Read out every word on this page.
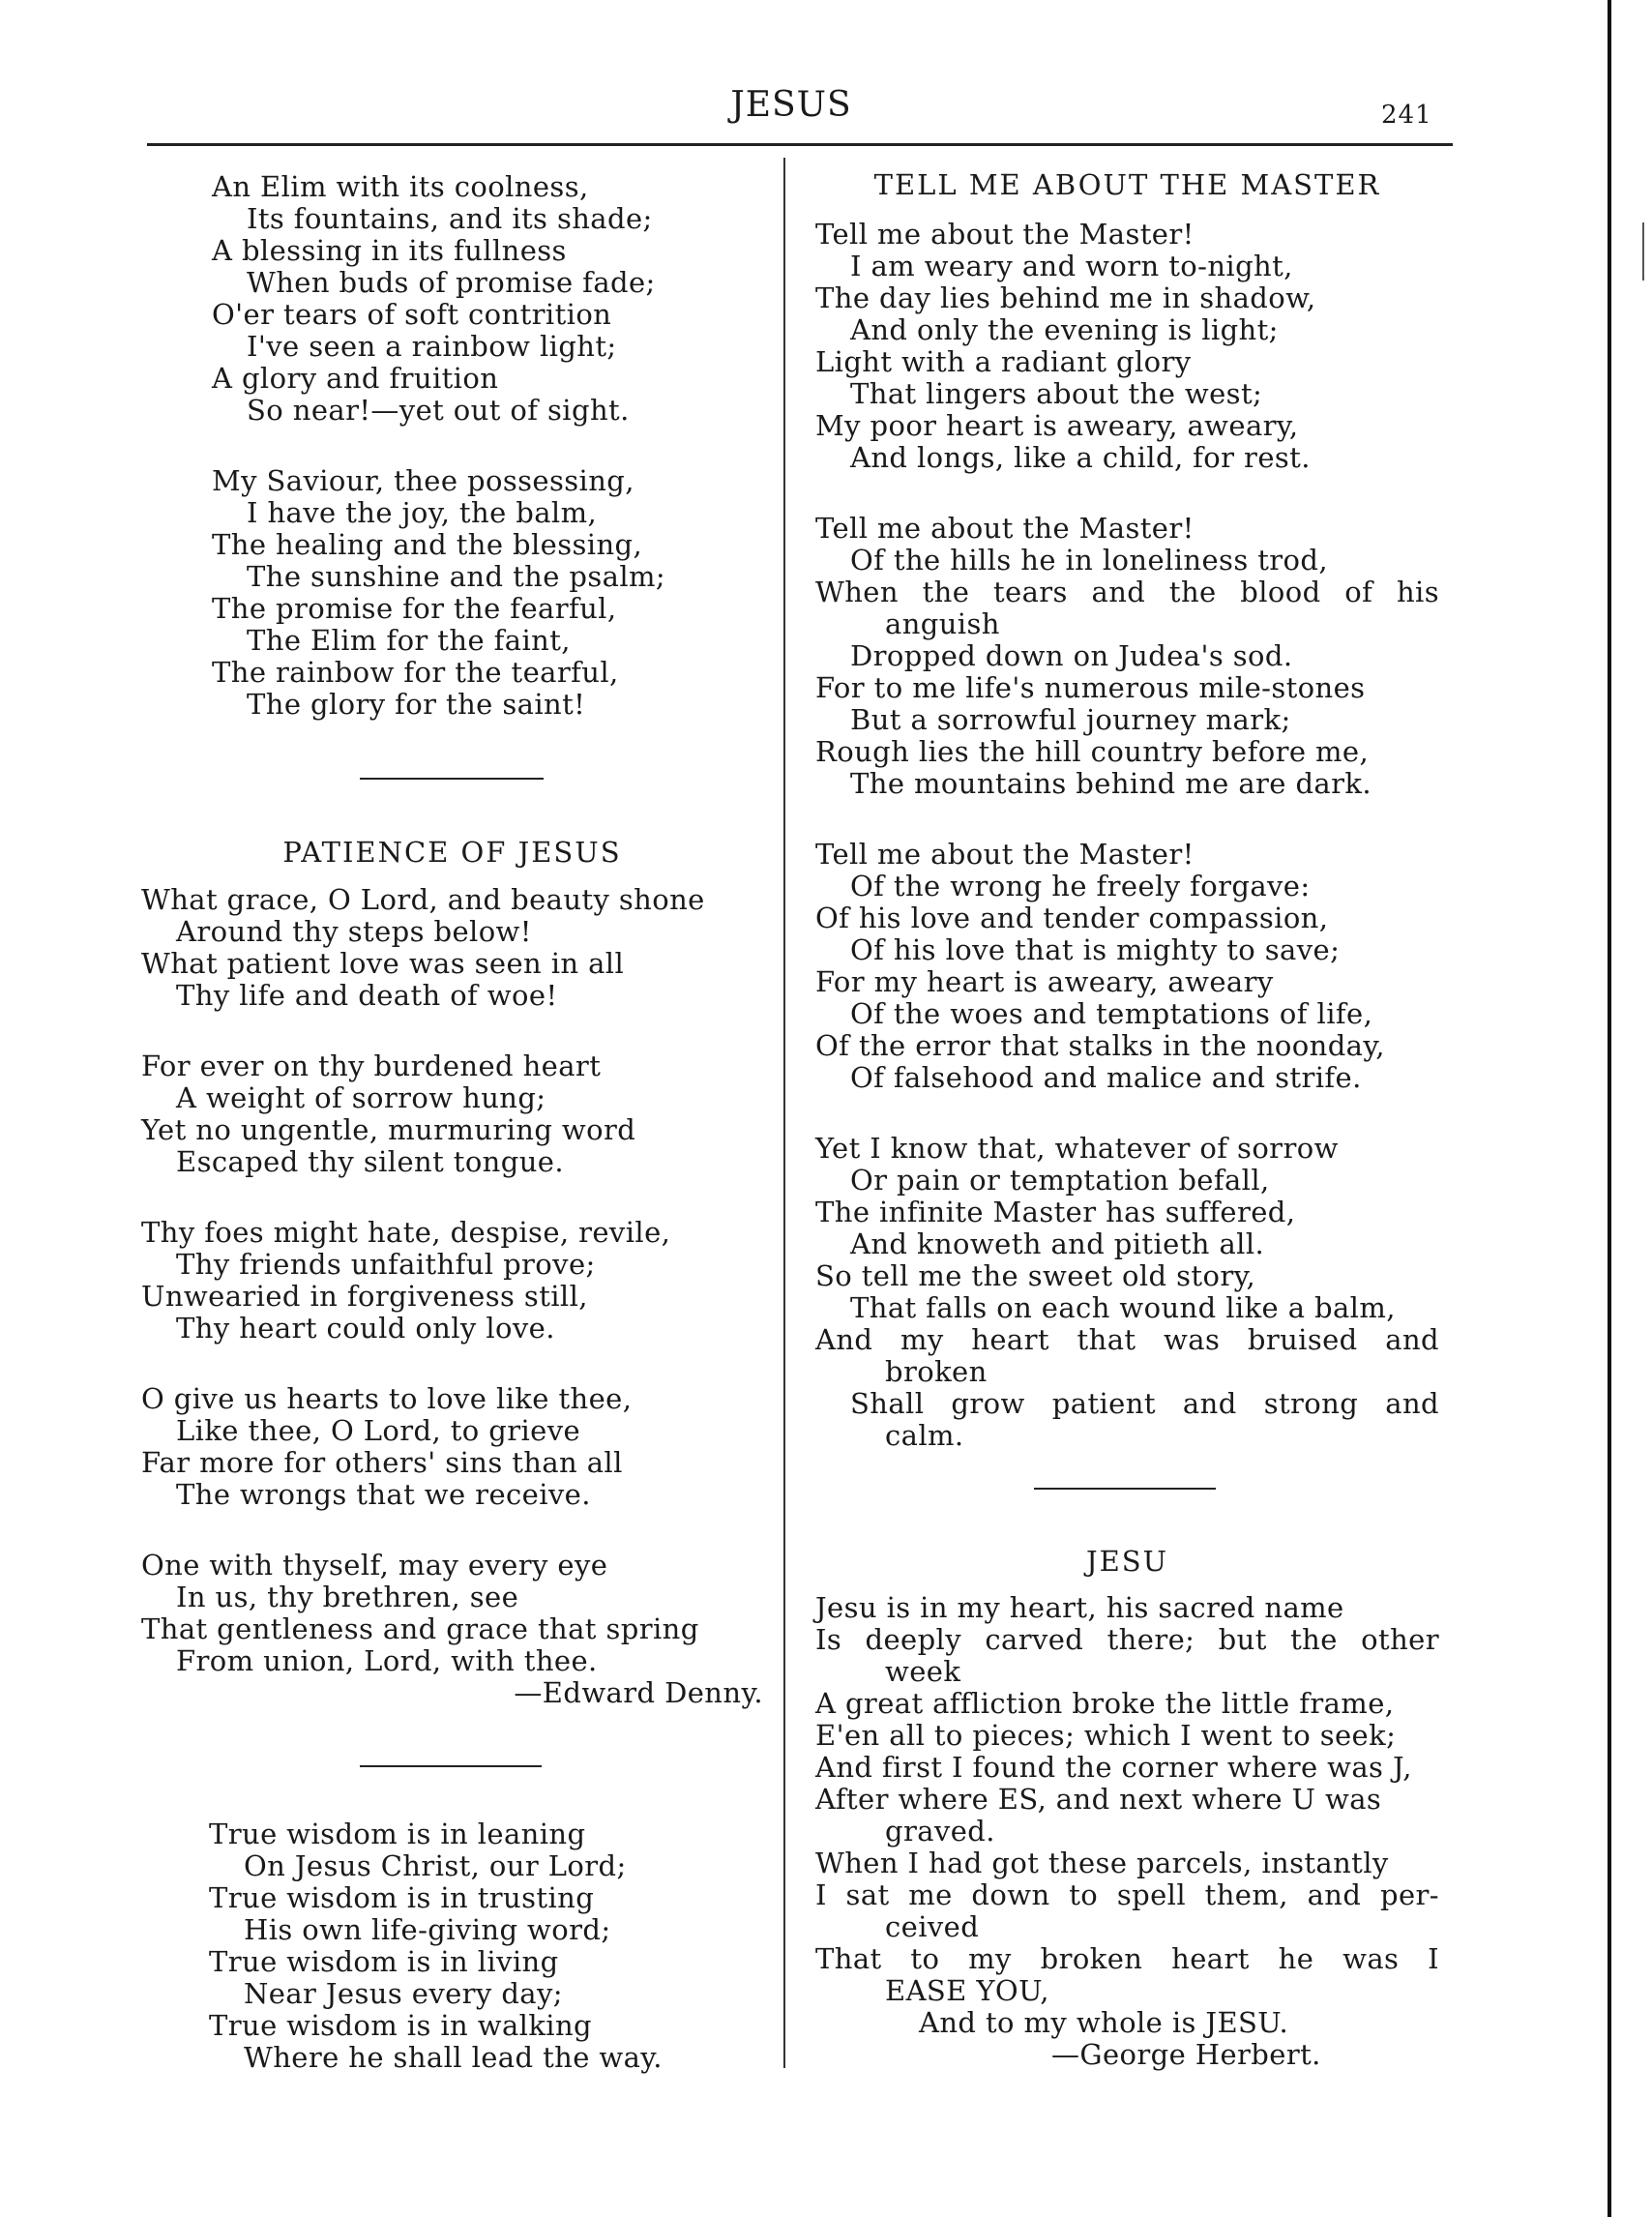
JESUS	241
An Elim with its coolness,
Its fountains, and its shade;
A blessing in its fullness
When buds of promise fade;
O'er tears of soft contrition
I've seen a rainbow light;
A glory and fruition
So near!—yet out of sight.
My Saviour, thee possessing,
I have the joy, the balm,
The healing and the blessing,
The sunshine and the psalm;
The promise for the fearful,
The Elim for the faint,
The rainbow for the tearful,
The glory for the saint!
PATIENCE OF JESUS
What grace, O Lord, and beauty shone
Around thy steps below!
What patient love was seen in all
Thy life and death of woe!
For ever on thy burdened heart
A weight of sorrow hung;
Yet no ungentle, murmuring word
Escaped thy silent tongue.
Thy foes might hate, despise, revile,
Thy friends unfaithful prove;
Unwearied in forgiveness still,
Thy heart could only love.
O give us hearts to love like thee,
Like thee, O Lord, to grieve
Far more for others' sins than all
The wrongs that we receive.
One with thyself, may every eye
In us, thy brethren, see
That gentleness and grace that spring
From union, Lord, with thee.
—Edward Denny.
True wisdom is in leaning
On Jesus Christ, our Lord;
True wisdom is in trusting
His own life-giving word;
True wisdom is in living
Near Jesus every day;
True wisdom is in walking
Where he shall lead the way.
TELL ME ABOUT THE MASTER
Tell me about the Master!
I am weary and worn to-night,
The day lies behind me in shadow,
And only the evening is light;
Light with a radiant glory
That lingers about the west;
My poor heart is aweary, aweary,
And longs, like a child, for rest.
Tell me about the Master!
Of the hills he in loneliness trod,
When the tears and the blood of his
anguish
Dropped down on Judea's sod.
For to me life's numerous mile-stones
But a sorrowful journey mark;
Rough lies the hill country before me,
The mountains behind me are dark.
Tell me about the Master!
Of the wrong he freely forgave:
Of his love and tender compassion,
Of his love that is mighty to save;
For my heart is aweary, aweary
Of the woes and temptations of life,
Of the error that stalks in the noonday,
Of falsehood and malice and strife.
Yet I know that, whatever of sorrow
Or pain or temptation befall,
The infinite Master has suffered,
And knoweth and pitieth all.
So tell me the sweet old story,
That falls on each wound like a balm,
And my heart that was bruised and
broken
Shall grow patient and strong and
calm.
JESU
Jesu is in my heart, his sacred name
Is deeply carved there; but the other
week
A great affliction broke the little frame,
E'en all to pieces; which I went to seek;
And first I found the corner where was J,
After where ES, and next where U was
graved.
When I had got these parcels, instantly
I sat me down to spell them, and per-
ceived
That to my broken heart he was I
EASE YOU,
And to my whole is JESU.
—George Herbert.
